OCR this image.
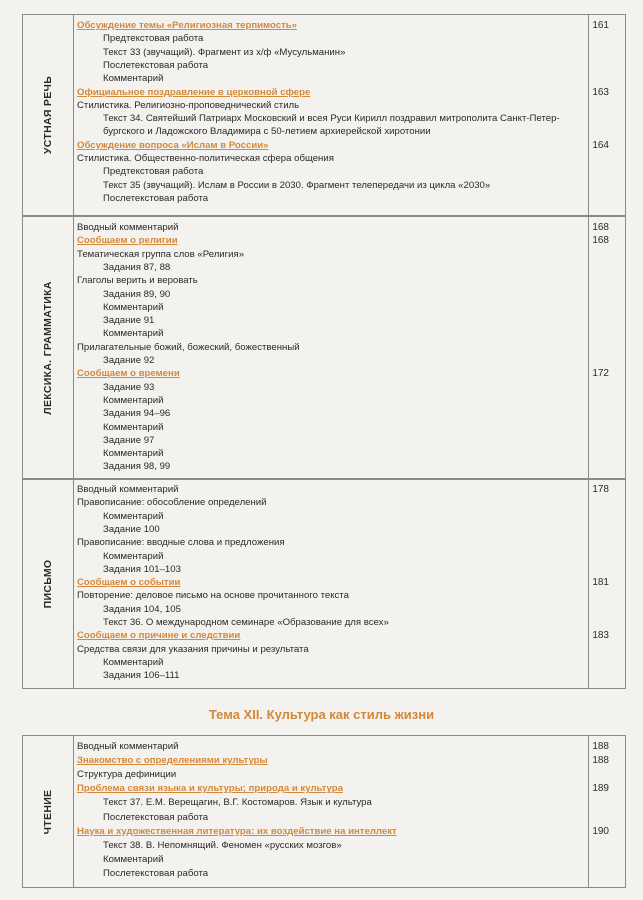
Тема XII. Культура как стиль жизни
УСТНАЯ РЕЧЬ
Обсуждение темы «Религиозная терпимость»	161
Предтекстовая работа
Текст 33 (звучащий). Фрагмент из х/ф «Мусульманин»
Послетекстовая работа
Комментарий
Официальное поздравление в церковной сфере	163
Стилистика. Религиозно-проповеднический стиль
Текст 34. Святейший Патриарх Московский и всея Руси Кирилл поздравил митрополита Санкт-Петер-
бургского и Ладожского Владимира с 50-летием архиерейской хиротонии
Обсуждение вопроса «Ислам в России»	164
Стилистика. Общественно-политическая сфера общения
Предтекстовая работа
Текст 35 (звучащий). Ислам в России в 2030. Фрагмент телепередачи из цикла «2030»
Послетекстовая работа
ЛЕКСИКА. ГРАММАТИКА
Вводный комментарий	168
Сообщаем о религии	168
Тематическая группа слов «Религия»
Задания 87, 88
Глаголы верить и веровать
Задания 89, 90
Комментарий
Задание 91
Комментарий
Прилагательные божий, божеский, божественный
Задание 92
Сообщаем о времени	172
Задание 93
Комментарий
Задания 94–96
Комментарий
Задание 97
Комментарий
Задания 98, 99
ПИСЬМО
Вводный комментарий	178
Правописание: обособление определений
Комментарий
Задание 100
Правописание: вводные слова и предложения
Комментарий
Задания 101–103
Сообщаем о событии	181
Повторение: деловое письмо на основе прочитанного текста
Задания 104, 105
Текст 36. О международном семинаре «Образование для всех»
Сообщаем о причине и следствии	183
Средства связи для указания причины и результата
Комментарий
Задания 106–111
ЧТЕНИЕ
Вводный комментарий	188
Знакомство с определениями культуры	188
Структура дефиниции
Проблема связи языка и культуры; природа и культура	189
Текст 37. Е.М. Верещагин, В.Г. Костомаров. Язык и культура
Послетекстовая работа
Наука и художественная литература: их воздействие на интеллект	190
Текст 38. В. Непомнящий. Феномен «русских мозгов»
Комментарий
Послетекстовая работа
